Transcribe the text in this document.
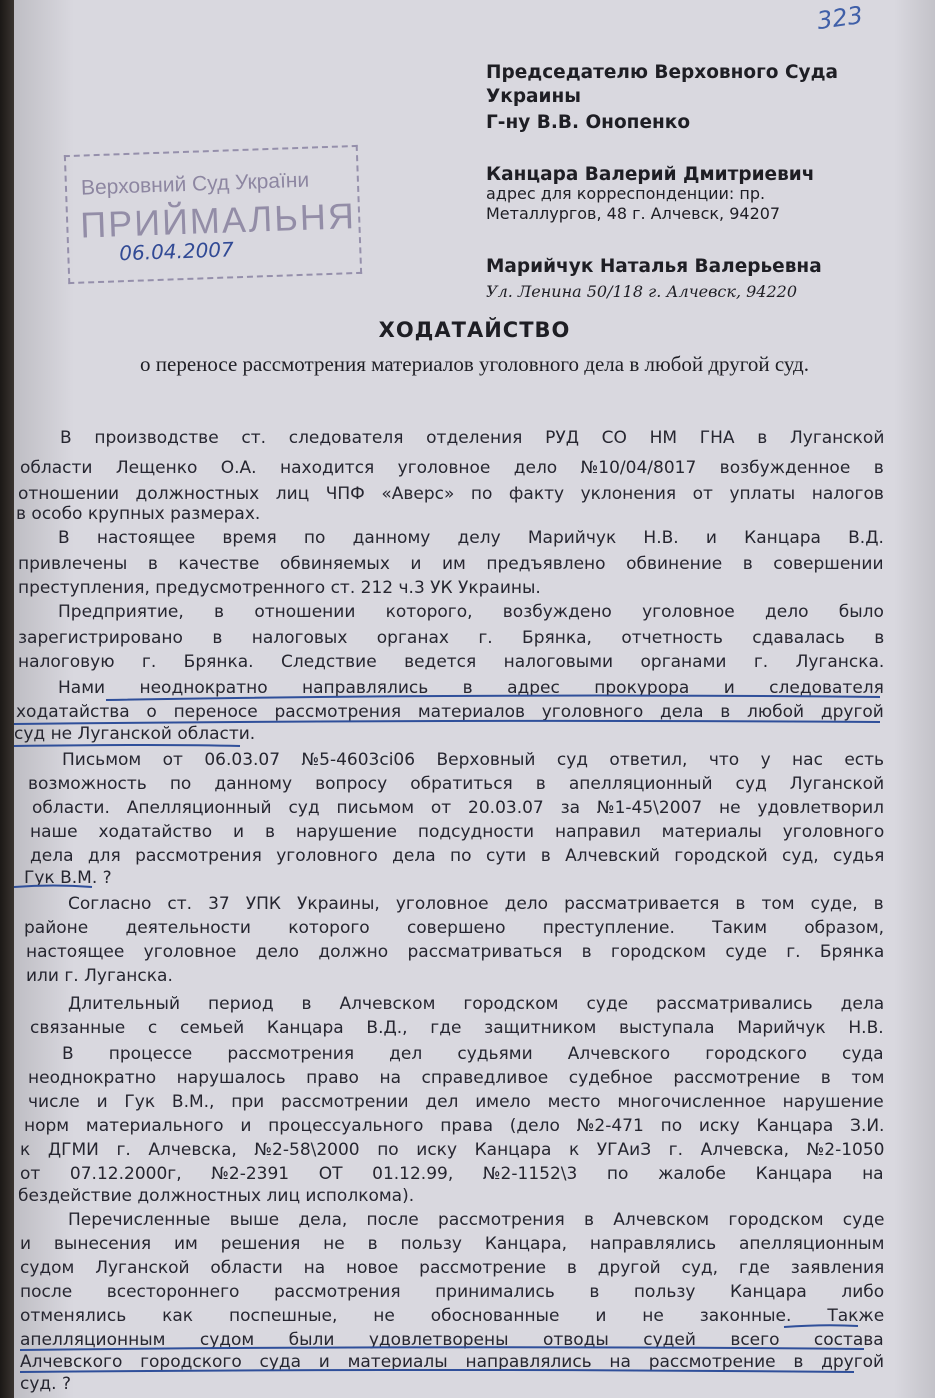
323
Председателю Верховного Суда
Украины
Г-ну В.В. Онопенко
Канцара Валерий Дмитриевич
адрес для корреспонденции: пр.
Металлургов, 48 г. Алчевск, 94207
Марийчук Наталья Валерьевна
Ул. Ленина 50/118 г. Алчевск, 94220
Верховний Суд України
ПРИЙМАЛЬНЯ
06.04.2007
ХОДАТАЙСТВО
о переносе рассмотрения материалов уголовного дела в любой другой суд.
В производстве ст. следователя отделения РУД СО НМ ГНА в Луганской
области Лещенко О.А. находится уголовное дело №10/04/8017 возбужденное в
отношении должностных лиц ЧПФ «Аверс» по факту уклонения от уплаты налогов
в особо крупных размерах.
В настоящее время по данному делу Марийчук Н.В. и Канцара В.Д.
привлечены в качестве обвиняемых и им предъявлено обвинение в совершении
преступления, предусмотренного ст. 212 ч.3 УК Украины.
Предприятие, в отношении которого, возбуждено уголовное дело было
зарегистрировано в налоговых органах г. Брянка, отчетность сдавалась в
налоговую г. Брянка. Следствие ведется налоговыми органами г. Луганска.
Нами неоднократно направлялись в адрес прокурора и следователя
ходатайства о переносе рассмотрения материалов уголовного дела в любой другой
суд не Луганской области.
Письмом от 06.03.07 №5-4603сі06 Верховный суд ответил, что у нас есть
возможность по данному вопросу обратиться в апелляционный суд Луганской
области. Апелляционный суд письмом от 20.03.07 за №1-45\2007 не удовлетворил
наше ходатайство и в нарушение подсудности направил материалы уголовного
дела для рассмотрения уголовного дела по сути в Алчевский городской суд, судья
Гук В.М. ?
Согласно ст. 37 УПК Украины, уголовное дело рассматривается в том суде, в
районе деятельности которого совершено преступление. Таким образом,
настоящее уголовное дело должно рассматриваться в городском суде г. Брянка
или г. Луганска.
Длительный период в Алчевском городском суде рассматривались дела
связанные с семьей Канцара В.Д., где защитником выступала Марийчук Н.В.
В процессе рассмотрения дел судьями Алчевского городского суда
неоднократно нарушалось право на справедливое судебное рассмотрение в том
числе и Гук В.М., при рассмотрении дел имело место многочисленное нарушение
норм материального и процессуального права (дело №2-471 по иску Канцара З.И.
к ДГМИ г. Алчевска, №2-58\2000 по иску Канцара к УГАиЗ г. Алчевска, №2-1050
от 07.12.2000г, №2-2391 ОТ 01.12.99, №2-1152\3 по жалобе Канцара на
бездействие должностных лиц исполкома).
Перечисленные выше дела, после рассмотрения в Алчевском городском суде
и вынесения им решения не в пользу Канцара, направлялись апелляционным
судом Луганской области на новое рассмотрение в другой суд, где заявления
после всестороннего рассмотрения принимались в пользу Канцара либо
отменялись как поспешные, не обоснованные и не законные. Также
апелляционным судом были удовлетворены отводы судей всего состава
Алчевского городского суда и материалы направлялись на рассмотрение в другой
суд. ?
